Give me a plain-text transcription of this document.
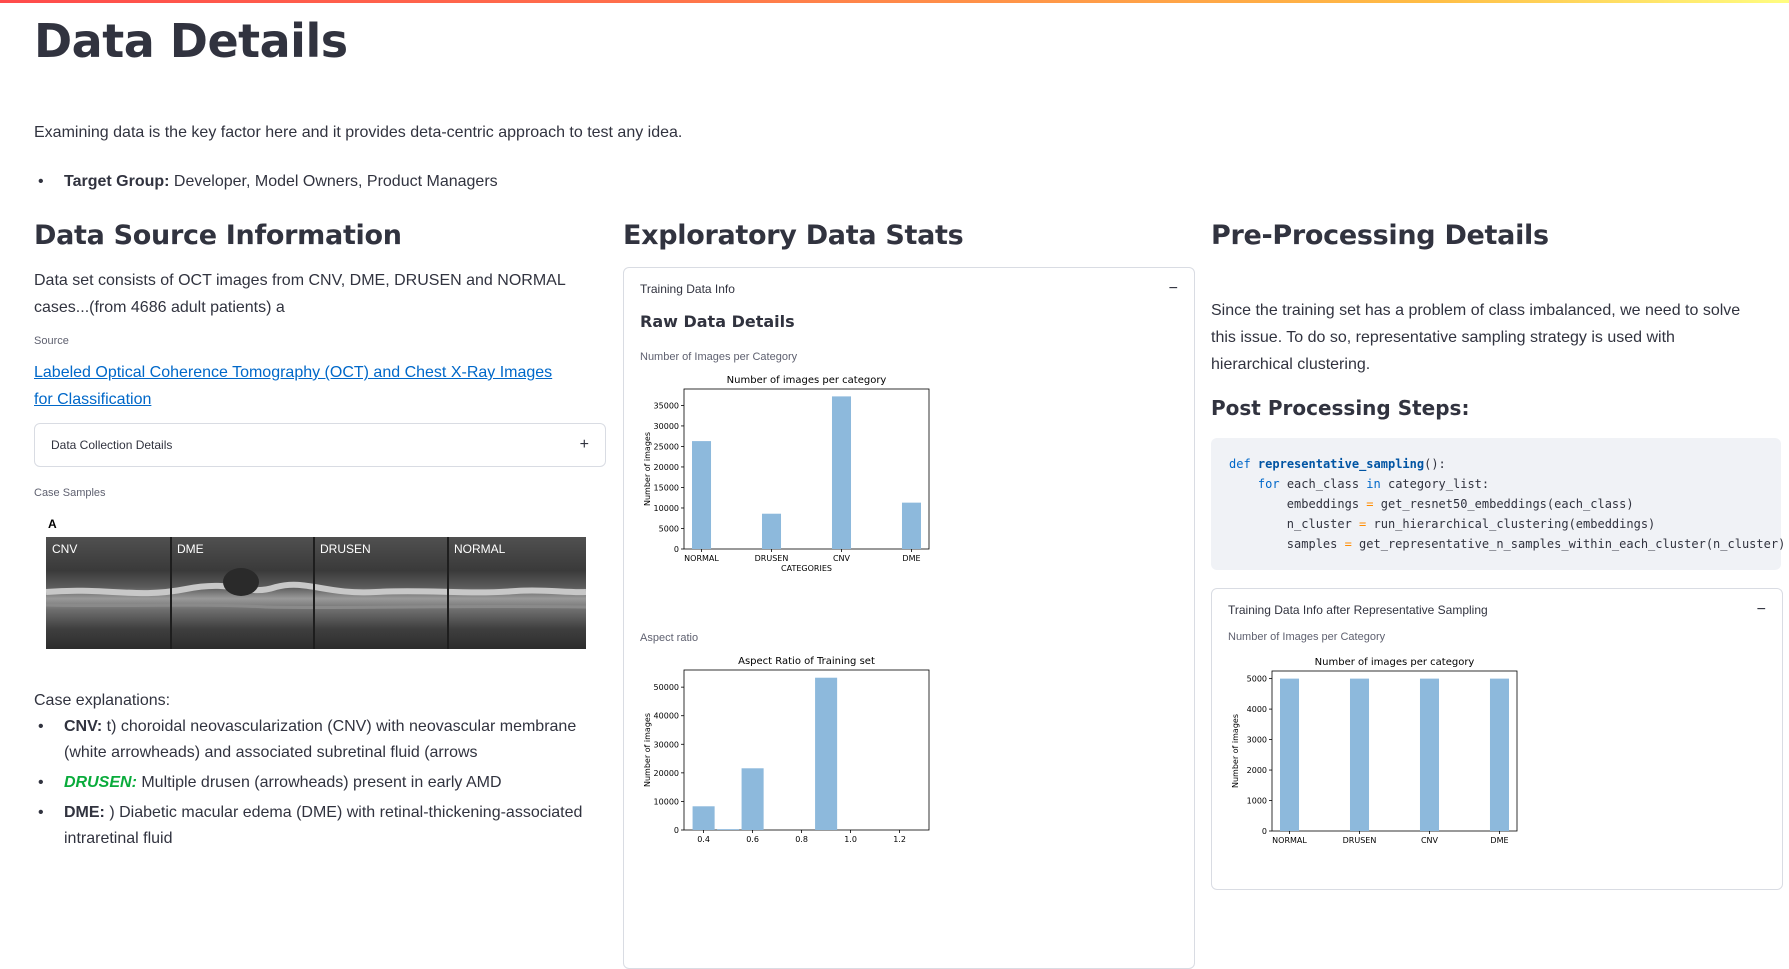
Data Details
Examining data is the key factor here and it provides deta-centric approach to test any idea.
• Target Group: Developer, Model Owners, Product Managers
Data Source Information
Data set consists of OCT images from CNV, DME, DRUSEN and NORMAL cases...(from 4686 adult patients) a
Source
Labeled Optical Coherence Tomography (OCT) and Chest X-Ray Images for Classification
Data Collection Details	+
Case Samples
A
CNV	DME	DRUSEN	NORMAL
Case explanations:
• CNV: t) choroidal neovascularization (CNV) with neovascular membrane (white arrowheads) and associated subretinal fluid (arrows
• DRUSEN: Multiple drusen (arrowheads) present in early AMD
• DME: ) Diabetic macular edema (DME) with retinal-thickening-associated intraretinal fluid
Exploratory Data Stats
Training Data Info	−
Raw Data Details
Number of Images per Category
Number of images per category
0
5000
10000
15000
20000
25000
30000
35000
Number of images
NORMAL	DRUSEN	CNV	DME
CATEGORIES
Aspect ratio
Aspect Ratio of Training set
0
10000
20000
30000
40000
50000
Number of images
0.4	0.6	0.8	1.0	1.2
Pre-Processing Details
Since the training set has a problem of class imbalanced, we need to solve this issue. To do so, representative sampling strategy is used with hierarchical clustering.
Post Processing Steps:
def representative_sampling():
for each_class in category_list:
embeddings = get_resnet50_embeddings(each_class)
n_cluster = run_hierarchical_clustering(embeddings)
samples = get_representative_n_samples_within_each_cluster(n_cluster)
Training Data Info after Representative Sampling	−
Number of Images per Category
Number of images per category
0
1000
2000
3000
4000
5000
Number of images
NORMAL	DRUSEN	CNV	DME
